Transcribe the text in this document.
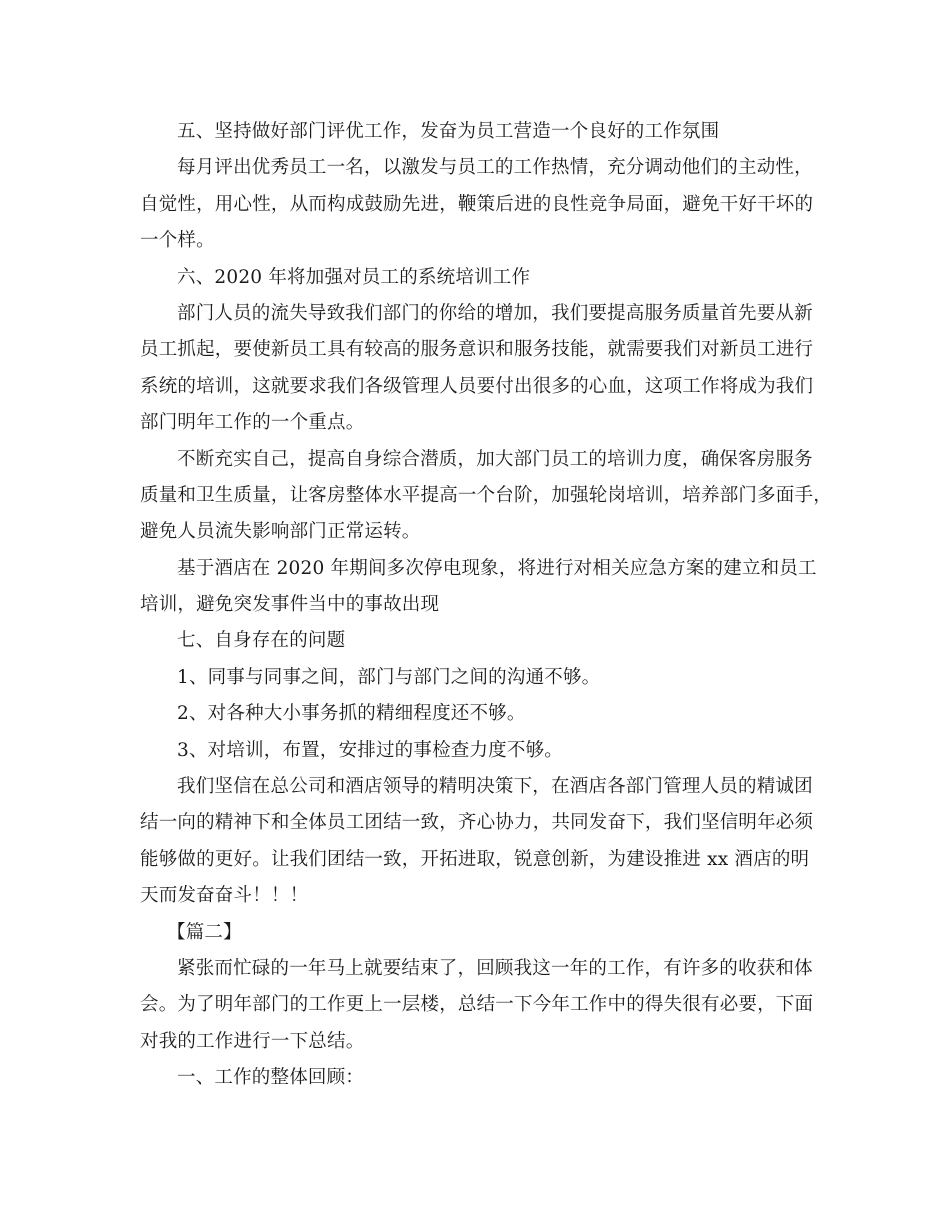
五、坚持做好部门评优工作，发奋为员工营造一个良好的工作氛围
每月评出优秀员工一名，以激发与员工的工作热情，充分调动他们的主动性，
自觉性，用心性，从而构成鼓励先进，鞭策后进的良性竞争局面，避免干好干坏的
一个样。
六、2020 年将加强对员工的系统培训工作
部门人员的流失导致我们部门的你给的增加，我们要提高服务质量首先要从新
员工抓起，要使新员工具有较高的服务意识和服务技能，就需要我们对新员工进行
系统的培训，这就要求我们各级管理人员要付出很多的心血，这项工作将成为我们
部门明年工作的一个重点。
不断充实自己，提高自身综合潜质，加大部门员工的培训力度，确保客房服务
质量和卫生质量，让客房整体水平提高一个台阶，加强轮岗培训，培养部门多面手，
避免人员流失影响部门正常运转。
基于酒店在 2020 年期间多次停电现象，将进行对相关应急方案的建立和员工
培训，避免突发事件当中的事故出现
七、自身存在的问题
1、同事与同事之间，部门与部门之间的沟通不够。
2、对各种大小事务抓的精细程度还不够。
3、对培训，布置，安排过的事检查力度不够。
我们坚信在总公司和酒店领导的精明决策下，在酒店各部门管理人员的精诚团
结一向的精神下和全体员工团结一致，齐心协力，共同发奋下，我们坚信明年必须
能够做的更好。让我们团结一致，开拓进取，锐意创新，为建设推进 xx 酒店的明
天而发奋奋斗！！！
【篇二】
紧张而忙碌的一年马上就要结束了，回顾我这一年的工作，有许多的收获和体
会。为了明年部门的工作更上一层楼，总结一下今年工作中的得失很有必要，下面
对我的工作进行一下总结。
一、工作的整体回顾：
